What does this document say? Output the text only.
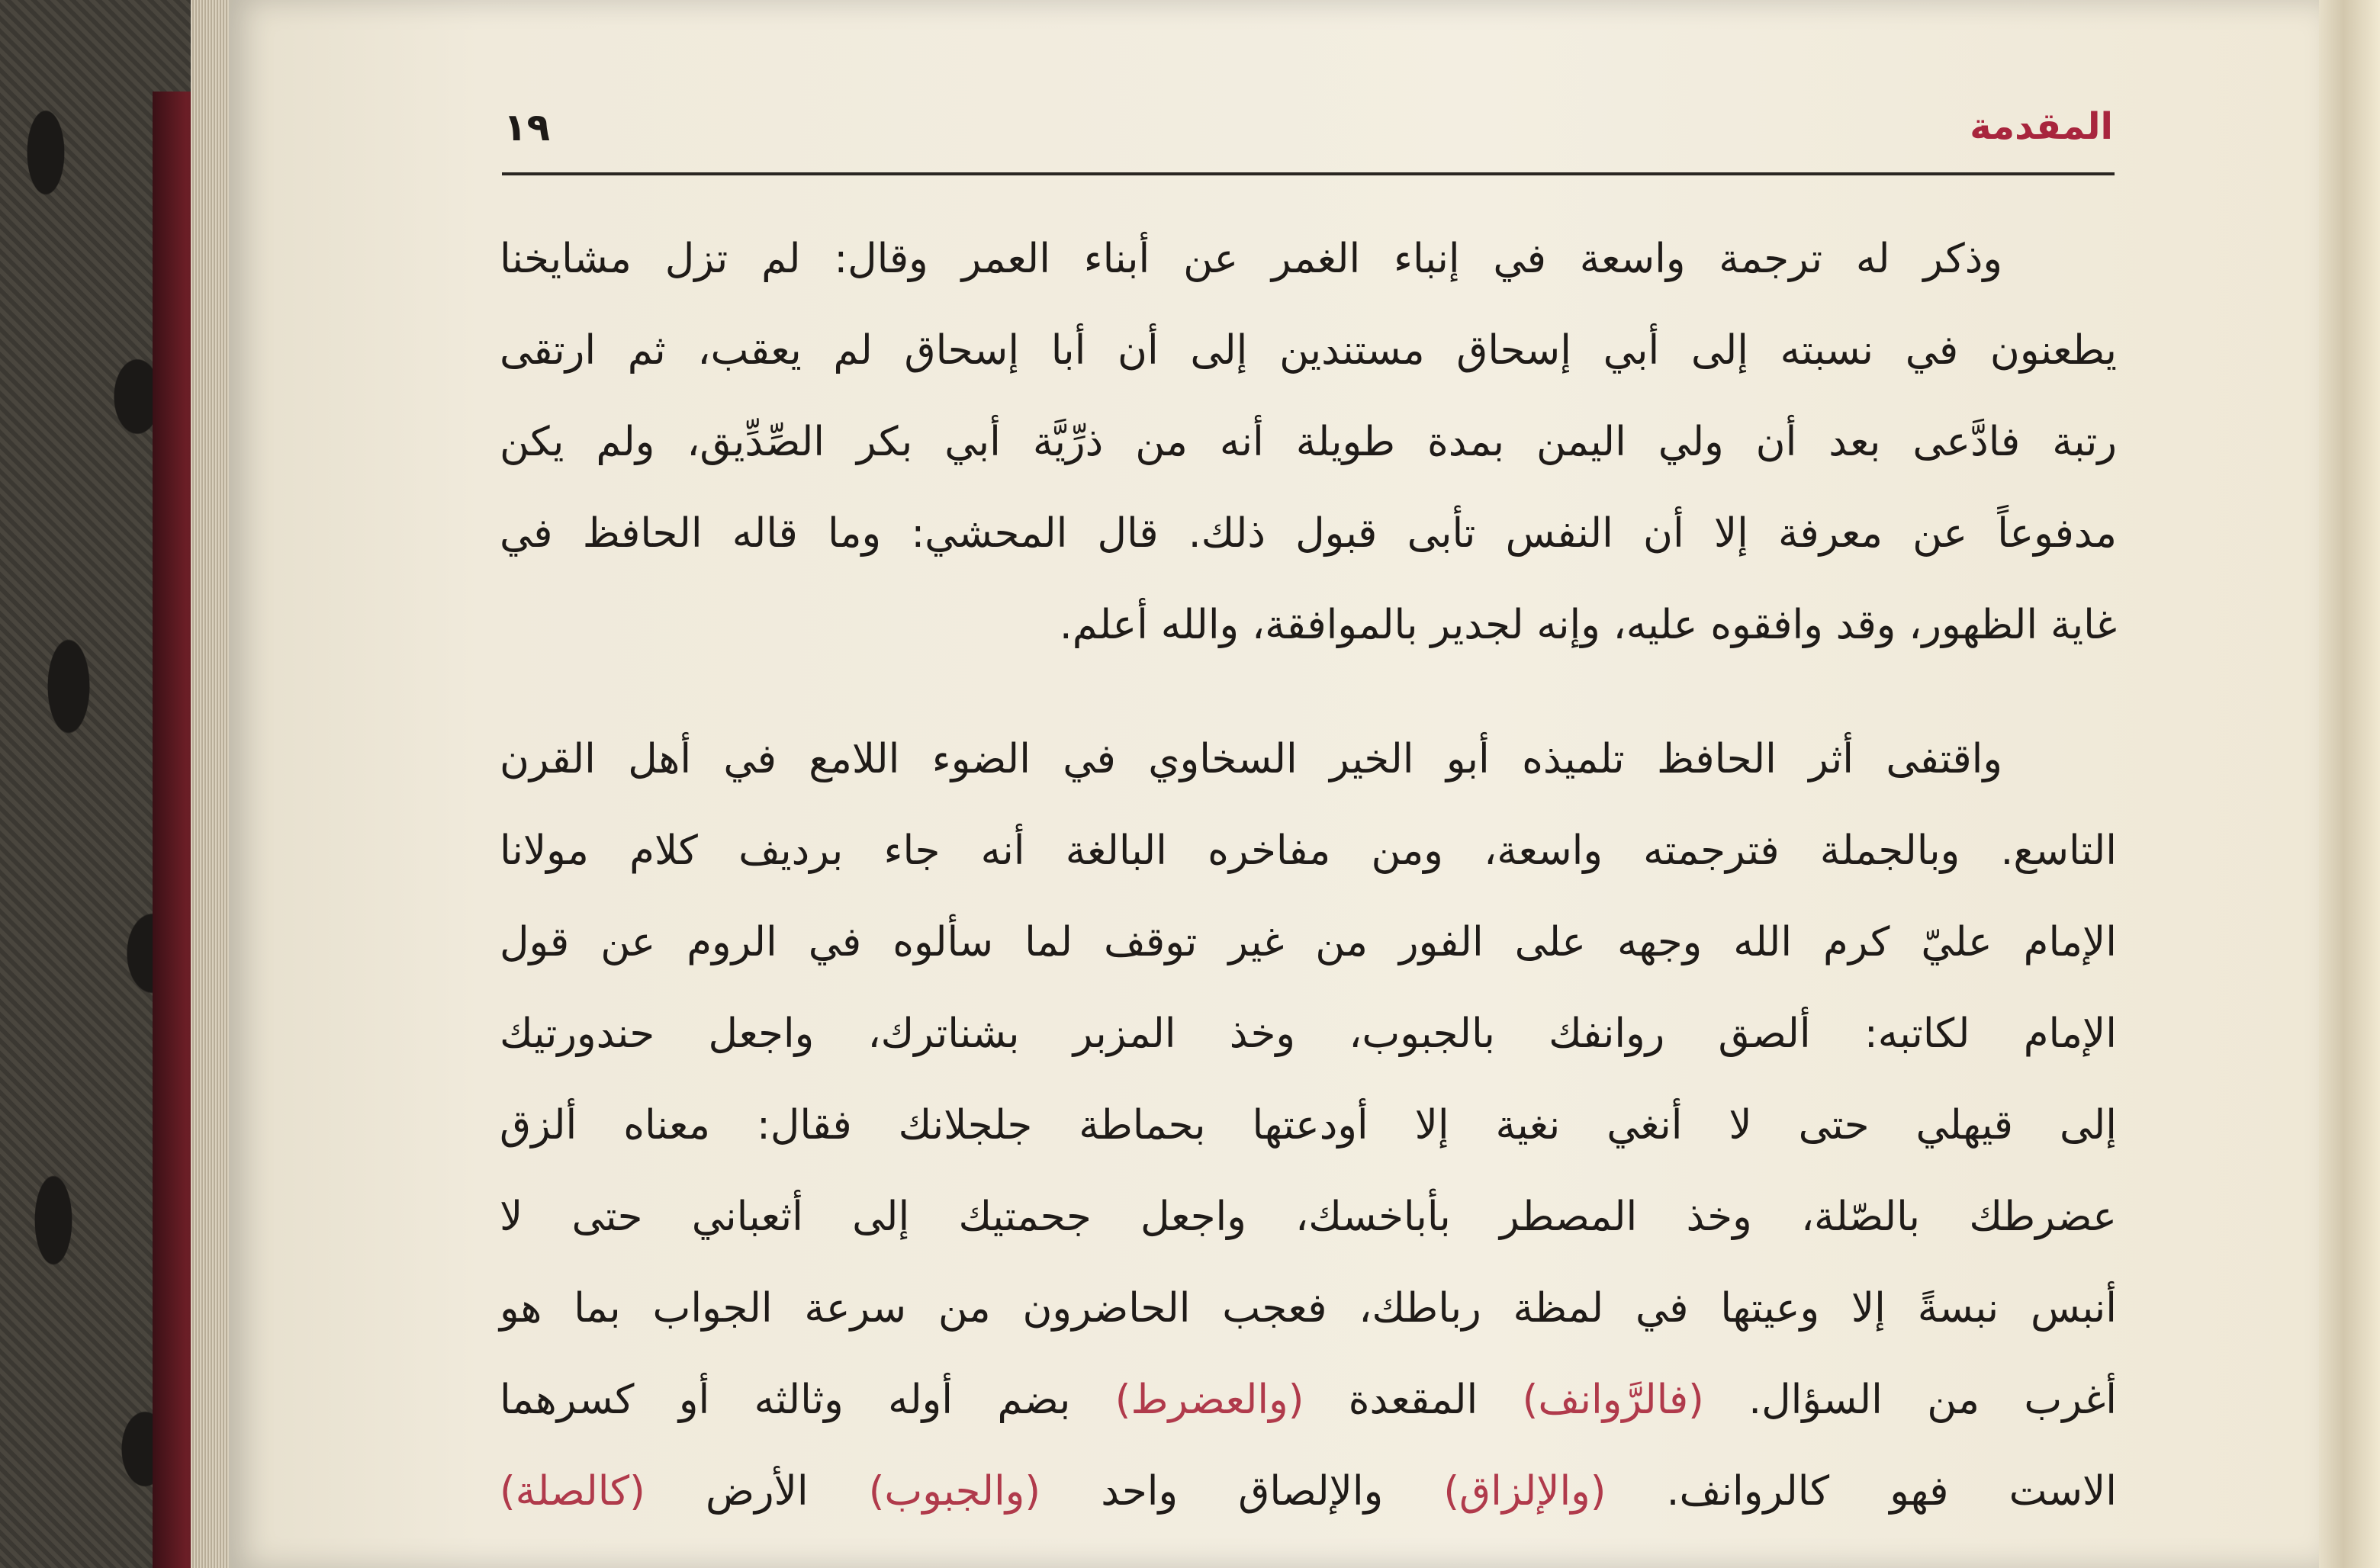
المقدمة
١٩
وذكر له ترجمة واسعة في إنباء الغمر عن أبناء العمر وقال: لم تزل مشايخنا
يطعنون في نسبته إلى أبي إسحاق مستندين إلى أن أبا إسحاق لم يعقب، ثم ارتقى
رتبة فادَّعى بعد أن ولي اليمن بمدة طويلة أنه من ذرِّيَّة أبي بكر الصِّدِّيق، ولم يكن
مدفوعاً عن معرفة إلا أن النفس تأبى قبول ذلك. قال المحشي: وما قاله الحافظ في
غاية الظهور، وقد وافقوه عليه، وإنه لجدير بالموافقة، والله أعلم.
واقتفى أثر الحافظ تلميذه أبو الخير السخاوي في الضوء اللامع في أهل القرن
التاسع. وبالجملة فترجمته واسعة، ومن مفاخره البالغة أنه جاء برديف كلام مولانا
الإمام عليّ كرم الله وجهه على الفور من غير توقف لما سألوه في الروم عن قول
الإمام لكاتبه: ألصق روانفك بالجبوب، وخذ المزبر بشناترك، واجعل حندورتيك
إلى قيهلي حتى لا أنغي نغية إلا أودعتها بحماطة جلجلانك فقال: معناه ألزق
عضرطك بالصّلة، وخذ المصطر بأباخسك، واجعل جحمتيك إلى أثعباني حتى لا
أنبس نبسةً إلا وعيتها في لمظة رباطك، فعجب الحاضرون من سرعة الجواب بما هو
أغرب من السؤال. (فالرَّوانف) المقعدة (والعضرط) بضم أوله وثالثه أو كسرهما
الاست فهو كالروانف. (والإلزاق) والإلصاق واحد (والجبوب) الأرض (كالصلة)
